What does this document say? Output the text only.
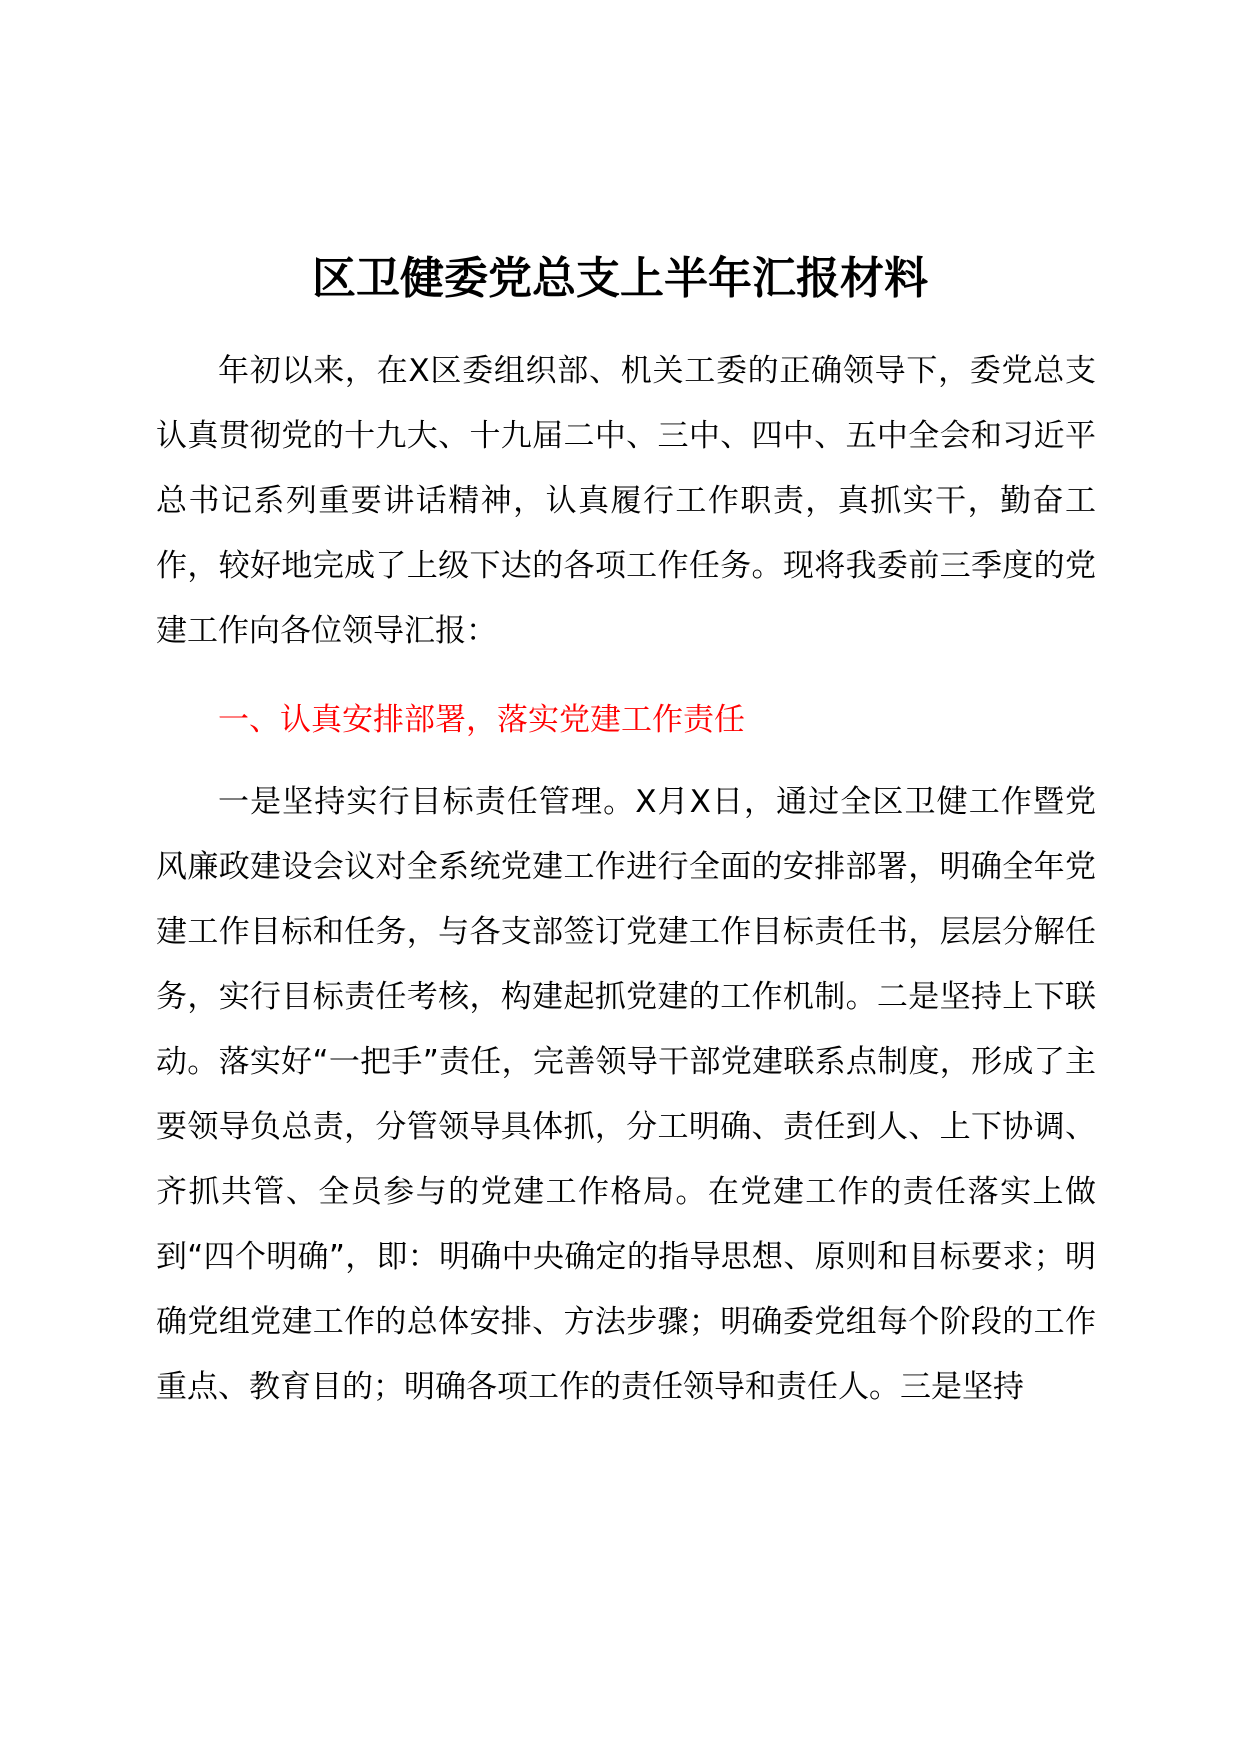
区卫健委党总支上半年汇报材料

年初以来，在X区委组织部、机关工委的正确领导下，委党总支认真贯彻党的十九大、十九届二中、三中、四中、五中全会和习近平总书记系列重要讲话精神，认真履行工作职责，真抓实干，勤奋工作，较好地完成了上级下达的各项工作任务。现将我委前三季度的党建工作向各位领导汇报：

一、认真安排部署，落实党建工作责任

一是坚持实行目标责任管理。X月X日，通过全区卫健工作暨党风廉政建设会议对全系统党建工作进行全面的安排部署，明确全年党建工作目标和任务，与各支部签订党建工作目标责任书，层层分解任务，实行目标责任考核，构建起抓党建的工作机制。二是坚持上下联动。落实好“一把手”责任，完善领导干部党建联系点制度，形成了主要领导负总责，分管领导具体抓，分工明确、责任到人、上下协调、齐抓共管、全员参与的党建工作格局。在党建工作的责任落实上做到“四个明确”，即：明确中央确定的指导思想、原则和目标要求；明确党组党建工作的总体安排、方法步骤；明确委党组每个阶段的工作重点、教育目的；明确各项工作的责任领导和责任人。三是坚持
